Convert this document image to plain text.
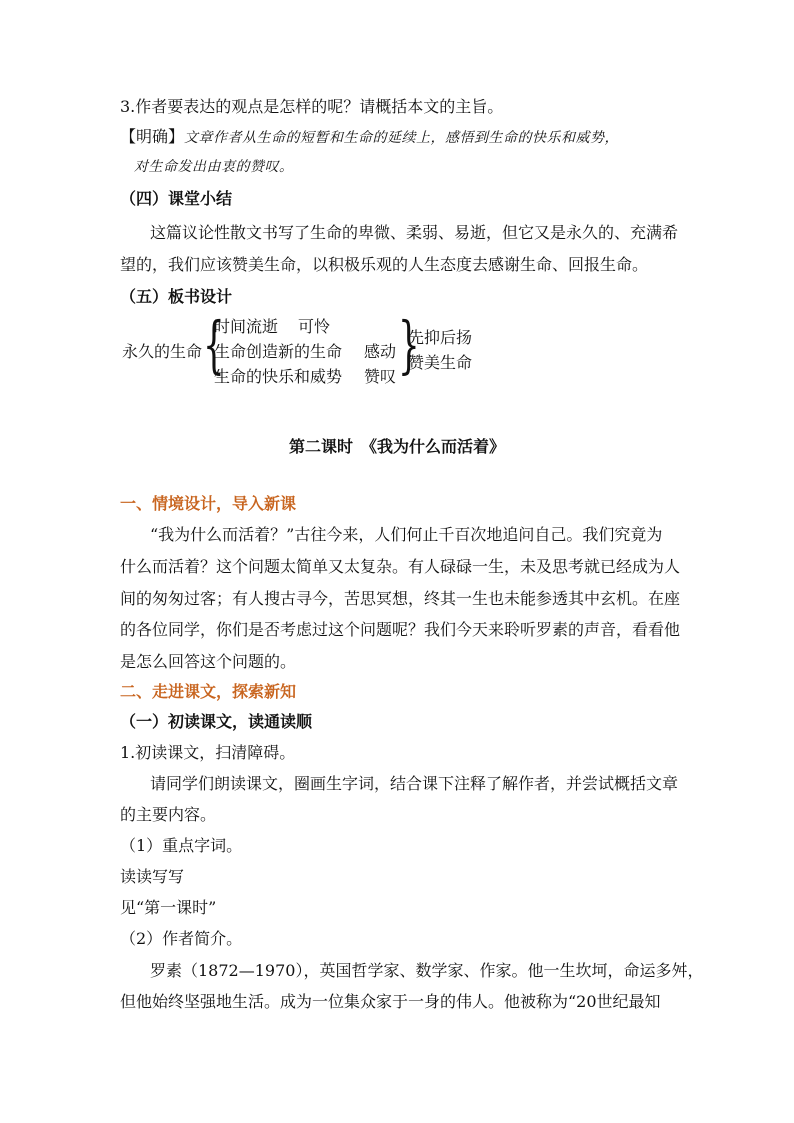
3.作者要表达的观点是怎样的呢？请概括本文的主旨。
【明确】文章作者从生命的短暂和生命的延续上，感悟到生命的快乐和威势，
对生命发出由衷的赞叹。
（四）课堂小结
这篇议论性散文书写了生命的卑微、柔弱、易逝，但它又是永久的、充满希
望的，我们应该赞美生命，以积极乐观的人生态度去感谢生命、回报生命。
（五）板书设计
永久的生命 {
时间流逝 可怜
生命创造新的生命 感动
生命的快乐和威势 赞叹 }
先抑后扬
赞美生命
第二课时　《我为什么而活着》
一、情境设计，导入新课
“我为什么而活着？”古往今来，人们何止千百次地追问自己。我们究竟为
什么而活着？这个问题太简单又太复杂。有人碌碌一生，未及思考就已经成为人
间的匆匆过客；有人搜古寻今，苦思冥想，终其一生也未能参透其中玄机。在座
的各位同学，你们是否考虑过这个问题呢？我们今天来聆听罗素的声音，看看他
是怎么回答这个问题的。
二、走进课文，探索新知
（一）初读课文，读通读顺
1.初读课文，扫清障碍。
请同学们朗读课文，圈画生字词，结合课下注释了解作者，并尝试概括文章
的主要内容。
（1）重点字词。
读读写写
见“第一课时”
（2）作者简介。
罗素（1872—1970），英国哲学家、数学家、作家。他一生坎坷，命运多舛，
但他始终坚强地生活。成为一位集众家于一身的伟人。他被称为“20世纪最知
